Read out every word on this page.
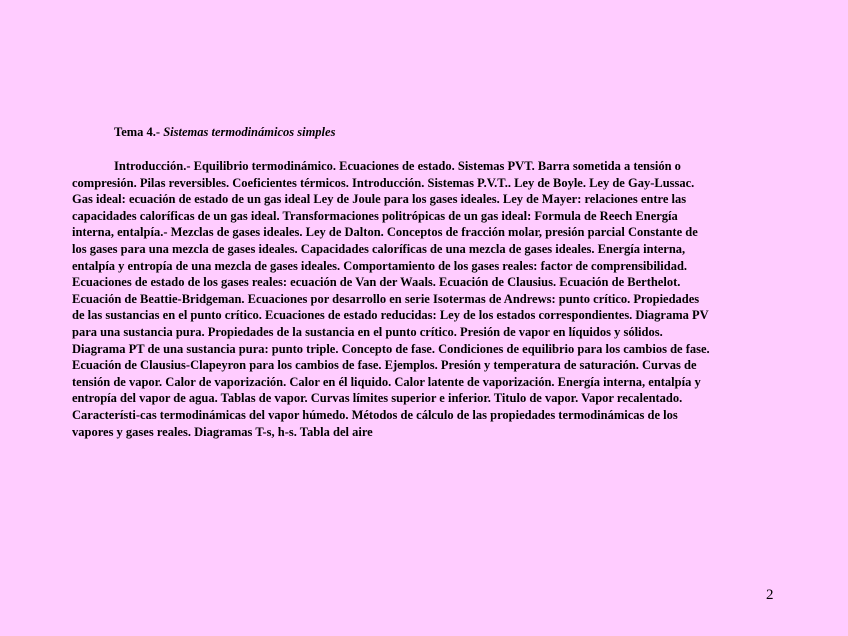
Tema 4.- Sistemas termodinámicos simples

Introducción.- Equilibrio termodinámico. Ecuaciones de estado. Sistemas PVT. Barra sometida a tensión o compresión. Pilas reversibles. Coeficientes térmicos. Introducción. Sistemas P.V.T.. Ley de Boyle. Ley de Gay-Lussac. Gas ideal: ecuación de estado de un gas ideal Ley de Joule para los gases ideales. Ley de Mayer: relaciones entre las capacidades caloríficas de un gas ideal. Transformaciones politrópicas de un gas ideal: Formula de Reech Energía interna, entalpía.- Mezclas de gases ideales. Ley de Dalton. Conceptos de fracción molar, presión parcial Constante de los gases para una mezcla de gases ideales. Capacidades caloríficas de una mezcla de gases ideales. Energía interna, entalpía y entropía de una mezcla de gases ideales. Comportamiento de los gases reales: factor de comprensibilidad. Ecuaciones de estado de los gases reales: ecuación de Van der Waals. Ecuación de Clausius. Ecuación de Berthelot. Ecuación de Beattie-Bridgeman. Ecuaciones por desarrollo en serie Isotermas de Andrews: punto crítico. Propiedades de las sustancias en el punto crítico. Ecuaciones de estado reducidas: Ley de los estados correspondientes. Diagrama PV para una sustancia pura. Propiedades de la sustancia en el punto crítico. Presión de vapor en líquidos y sólidos. Diagrama PT de una sustancia pura: punto triple. Concepto de fase. Condiciones de equilibrio para los cambios de fase. Ecuación de Clausius-Clapeyron para los cambios de fase. Ejemplos. Presión y temperatura de saturación. Curvas de tensión de vapor. Calor de vaporización. Calor en él liquido. Calor latente de vaporización. Energía interna, entalpía y entropía del vapor de agua. Tablas de vapor. Curvas límites superior e inferior. Titulo de vapor. Vapor recalentado. Característi-cas termodinámicas del vapor húmedo. Métodos de cálculo de las propiedades termodinámicas de los vapores y gases reales. Diagramas T-s, h-s. Tabla del aire

2
